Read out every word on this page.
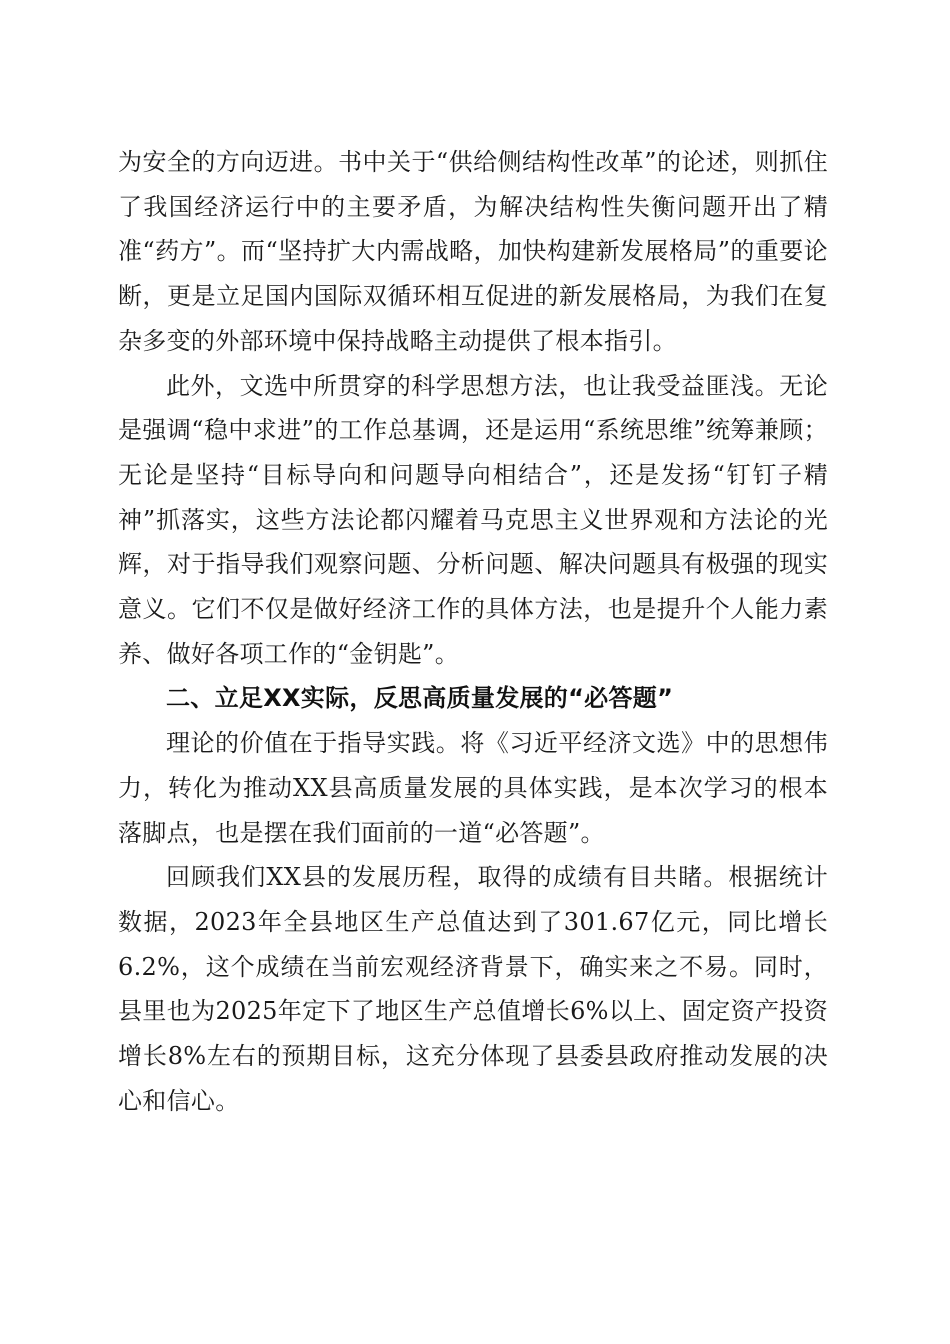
为安全的方向迈进。书中关于“供给侧结构性改革”的论述，则抓住了我国经济运行中的主要矛盾，为解决结构性失衡问题开出了精准“药方”。而“坚持扩大内需战略，加快构建新发展格局”的重要论断，更是立足国内国际双循环相互促进的新发展格局，为我们在复杂多变的外部环境中保持战略主动提供了根本指引。

此外，文选中所贯穿的科学思想方法，也让我受益匪浅。无论是强调“稳中求进”的工作总基调，还是运用“系统思维”统筹兼顾；无论是坚持“目标导向和问题导向相结合”，还是发扬“钉钉子精神”抓落实，这些方法论都闪耀着马克思主义世界观和方法论的光辉，对于指导我们观察问题、分析问题、解决问题具有极强的现实意义。它们不仅是做好经济工作的具体方法，也是提升个人能力素养、做好各项工作的“金钥匙”。

二、立足XX实际，反思高质量发展的“必答题”

理论的价值在于指导实践。将《习近平经济文选》中的思想伟力，转化为推动XX县高质量发展的具体实践，是本次学习的根本落脚点，也是摆在我们面前的一道“必答题”。

回顾我们XX县的发展历程，取得的成绩有目共睹。根据统计数据，2023年全县地区生产总值达到了301.67亿元，同比增长6.2%，这个成绩在当前宏观经济背景下，确实来之不易。同时，县里也为2025年定下了地区生产总值增长6%以上、固定资产投资增长8%左右的预期目标，这充分体现了县委县政府推动发展的决心和信心。
